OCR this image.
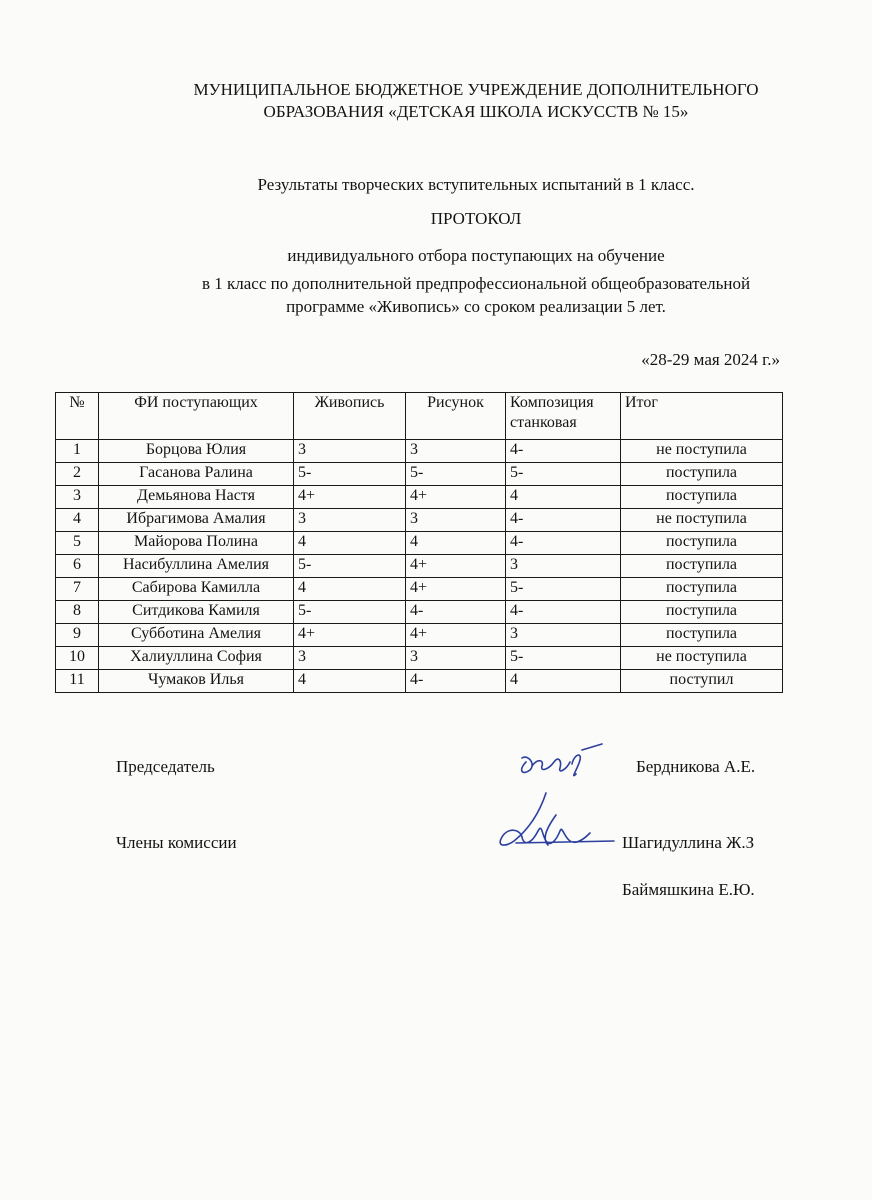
МУНИЦИПАЛЬНОЕ БЮДЖЕТНОЕ УЧРЕЖДЕНИЕ ДОПОЛНИТЕЛЬНОГО
ОБРАЗОВАНИЯ «ДЕТСКАЯ ШКОЛА ИСКУССТВ № 15»
Результаты творческих вступительных испытаний в 1 класс.
ПРОТОКОЛ
индивидуального отбора поступающих на обучение
в 1 класс по дополнительной предпрофессиональной общеобразовательной
программе «Живопись» со сроком реализации 5 лет.
«28-29 мая 2024 г.»
№	ФИ поступающих	Живопись	Рисунок	Композиция станковая	Итог
1	Борцова Юлия	3	3	4-	не поступила
2	Гасанова Ралина	5-	5-	5-	поступила
3	Демьянова Настя	4+	4+	4	поступила
4	Ибрагимова Амалия	3	3	4-	не поступила
5	Майорова Полина	4	4	4-	поступила
6	Насибуллина Амелия	5-	4+	3	поступила
7	Сабирова Камилла	4	4+	5-	поступила
8	Ситдикова Камиля	5-	4-	4-	поступила
9	Субботина Амелия	4+	4+	3	поступила
10	Халиуллина София	3	3	5-	не поступила
11	Чумаков Илья	4	4-	4	поступил
Председатель	Бердникова А.Е.
Члены комиссии	Шагидуллина Ж.З
Баймяшкина Е.Ю.
